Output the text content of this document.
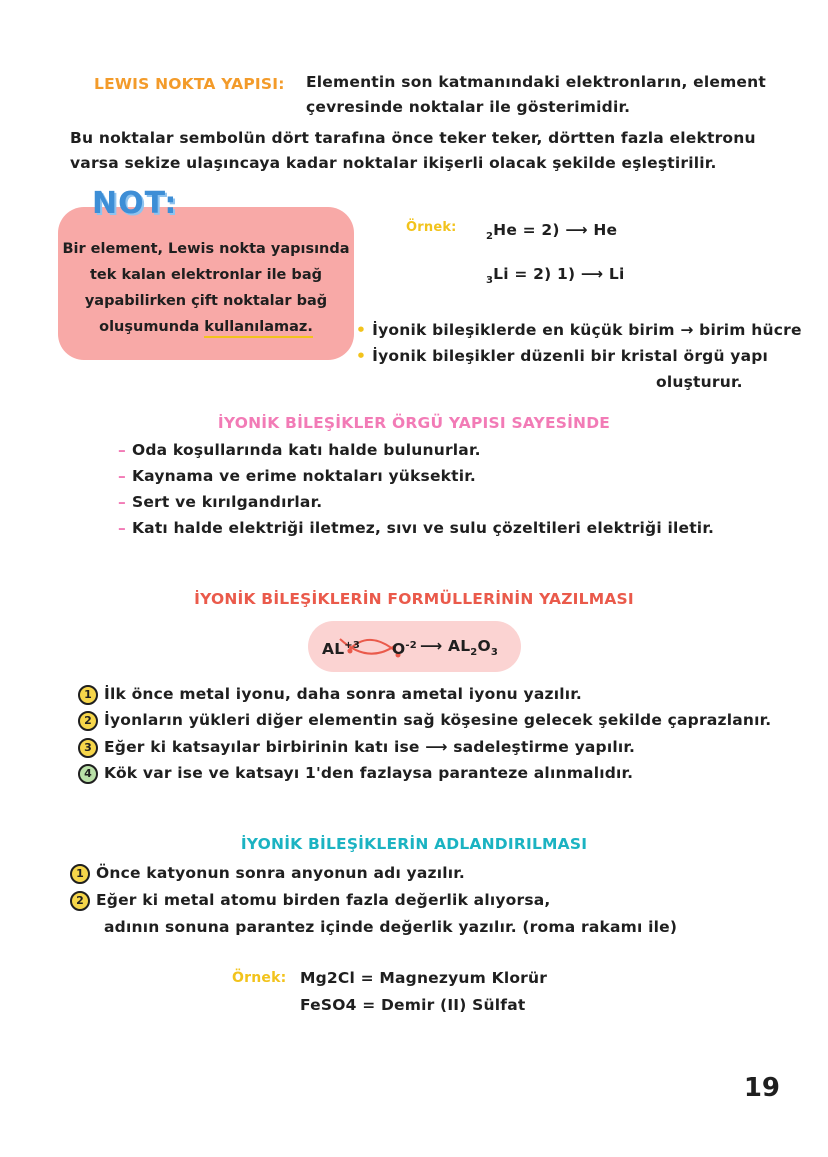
LEWIS NOKTA YAPISI: Elementin son katmanındaki elektronların, element
çevresinde noktalar ile gösterimidir.
Bu noktalar sembolün dört tarafına önce teker teker, dörtten fazla elektronu
varsa sekize ulaşıncaya kadar noktalar ikişerli olacak şekilde eşleştirilir.
NOT:
Bir element, Lewis nokta yapısında
tek kalan elektronlar ile bağ
yapabilirken çift noktalar bağ
oluşumunda kullanılamaz.
Örnek:
$_2$He = 2) ⟶ He
$_3$Li = 2) 1) ⟶ Li
• İyonik bileşiklerde en küçük birim → birim hücre
• İyonik bileşikler düzenli bir kristal örgü yapı
oluşturur.
İYONİK BİLEŞİKLER ÖRGÜ YAPISI SAYESİNDE
– Oda koşullarında katı halde bulunurlar.
– Kaynama ve erime noktaları yüksektir.
– Sert ve kırılgandırlar.
– Katı halde elektriği iletmez, sıvı ve sulu çözeltileri elektriği iletir.
İYONİK BİLEŞİKLERİN FORMÜLLERİNİN YAZILMASI
$AL^{+3}$ $O^{-2}$ ⟶ $AL_2O_3$
1 İlk önce metal iyonu, daha sonra ametal iyonu yazılır.
2 İyonların yükleri diğer elementin sağ köşesine gelecek şekilde çaprazlanır.
3 Eğer ki katsayılar birbirinin katı ise ⟶ sadeleştirme yapılır.
4 Kök var ise ve katsayı 1'den fazlaysa paranteze alınmalıdır.
İYONİK BİLEŞİKLERİN ADLANDIRILMASI
1 Önce katyonun sonra anyonun adı yazılır.
2 Eğer ki metal atomu birden fazla değerlik alıyorsa,
adının sonuna parantez içinde değerlik yazılır. (roma rakamı ile)
Örnek: Mg2Cl = Magnezyum Klorür
FeSO4 = Demir (II) Sülfat
19
